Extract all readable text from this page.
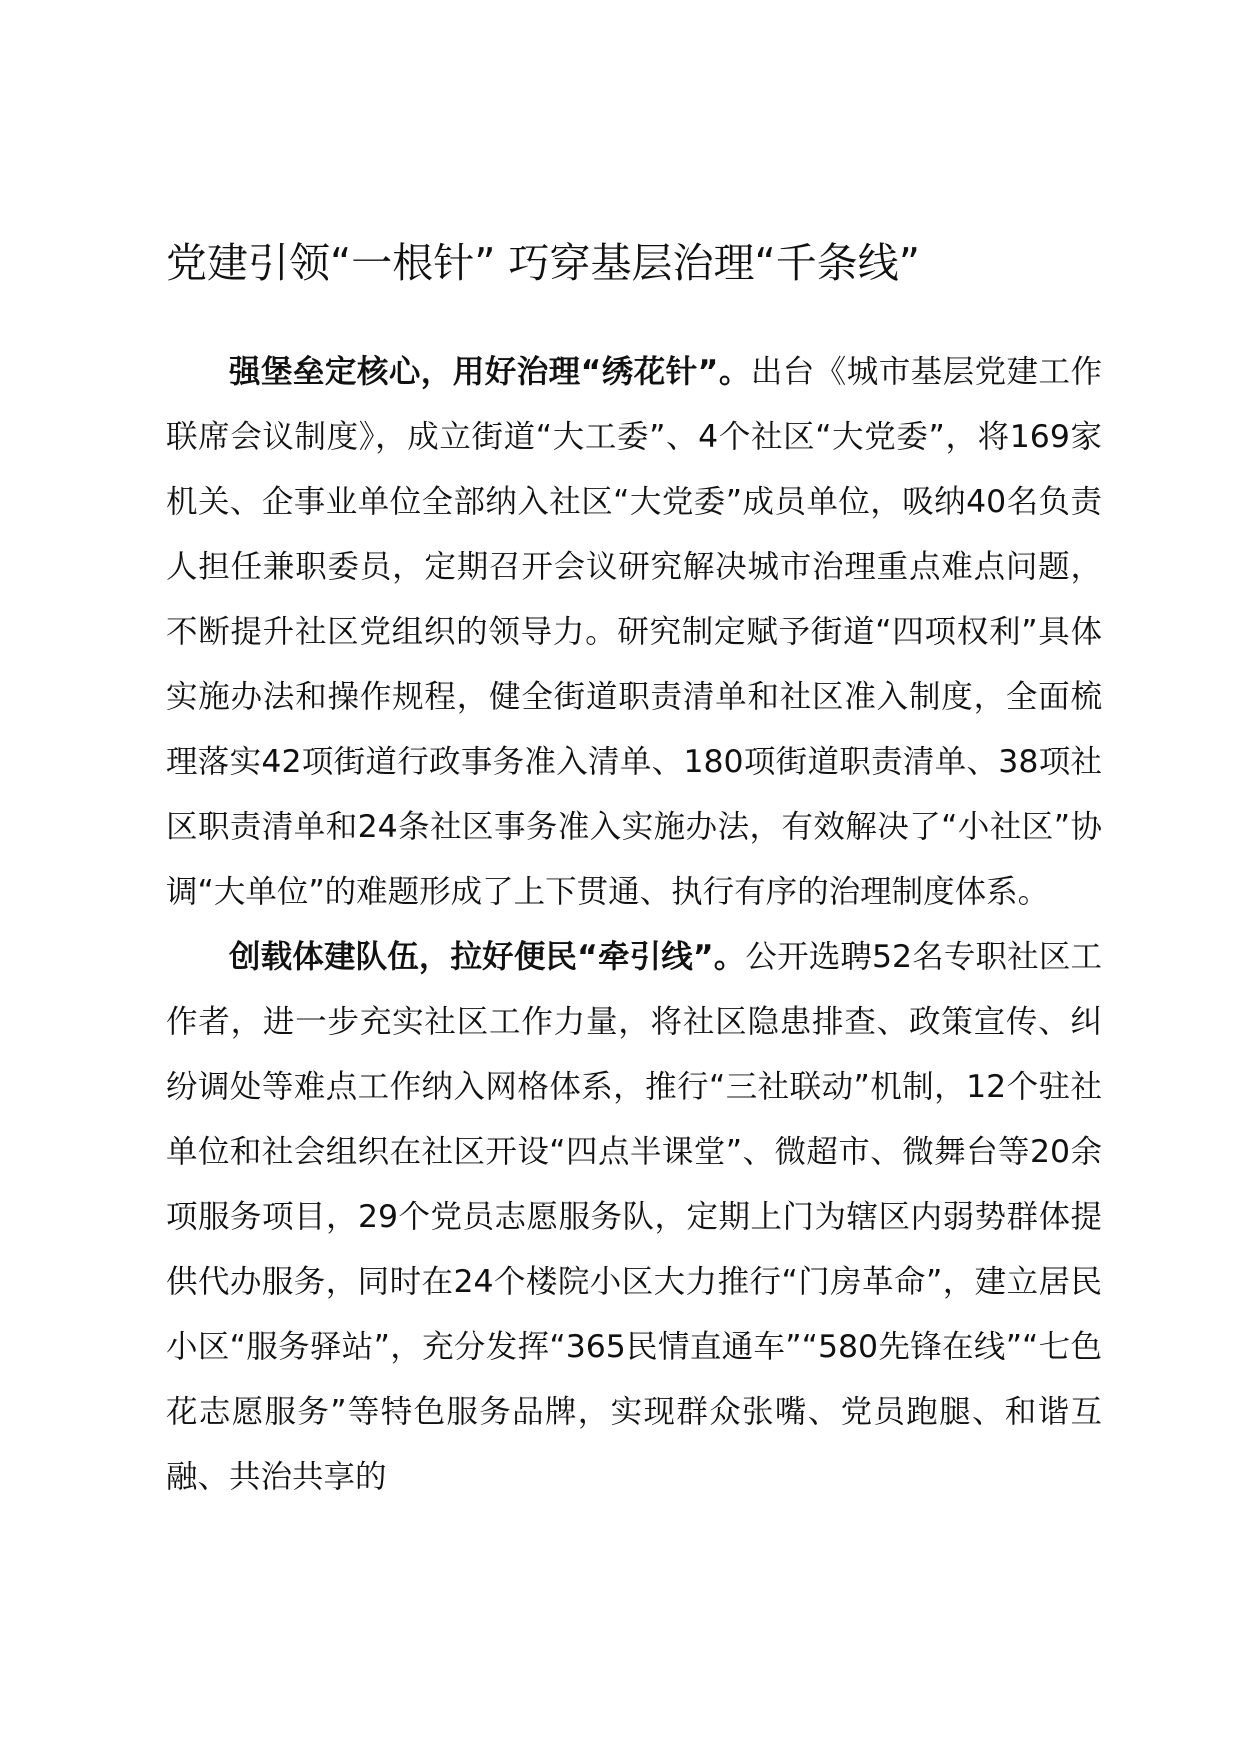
党建引领“一根针” 巧穿基层治理“千条线”

强堡垒定核心，用好治理“绣花针”。出台《城市基层党建工作联席会议制度》，成立街道“大工委”、4个社区“大党委”，将169家机关、企事业单位全部纳入社区“大党委”成员单位，吸纳40名负责人担任兼职委员，定期召开会议研究解决城市治理重点难点问题，不断提升社区党组织的领导力。研究制定赋予街道“四项权利”具体实施办法和操作规程，健全街道职责清单和社区准入制度，全面梳理落实42项街道行政事务准入清单、180项街道职责清单、38项社区职责清单和24条社区事务准入实施办法，有效解决了“小社区”协调“大单位”的难题形成了上下贯通、执行有序的治理制度体系。

创载体建队伍，拉好便民“牵引线”。公开选聘52名专职社区工作者，进一步充实社区工作力量，将社区隐患排查、政策宣传、纠纷调处等难点工作纳入网格体系，推行“三社联动”机制，12个驻社单位和社会组织在社区开设“四点半课堂”、微超市、微舞台等20余项服务项目，29个党员志愿服务队，定期上门为辖区内弱势群体提供代办服务，同时在24个楼院小区大力推行“门房革命”，建立居民小区“服务驿站”，充分发挥“365民情直通车”“580先锋在线”“七色花志愿服务”等特色服务品牌，实现群众张嘴、党员跑腿、和谐互融、共治共享的
